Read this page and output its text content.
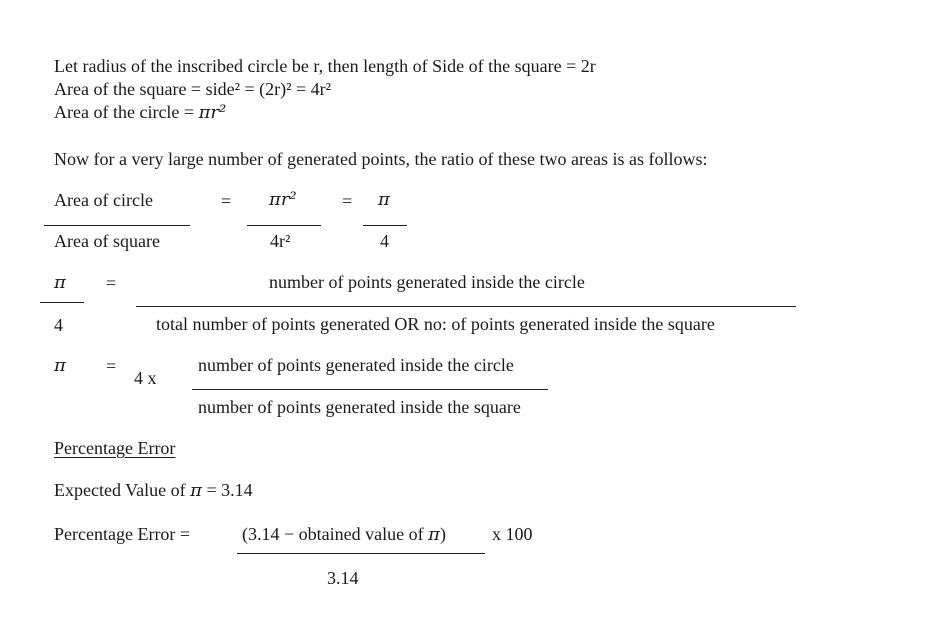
Let radius of the inscribed circle be r, then length of Side of the square = 2r
Area of the square = side² = (2r)² = 4r²
Area of the circle = πr²
Now for a very large number of generated points, the ratio of these two areas is as follows:
Area of circle
Area of square
= πr²
4r²
= π
4
π
4
=	number of points generated inside the circle
total number of points generated OR no: of points generated inside the square
π =
4 x
number of points generated inside the circle
number of points generated inside the square
Percentage Error
Expected Value of π = 3.14
Percentage Error =	(3.14 − obtained value of π)	x 100
3.14
